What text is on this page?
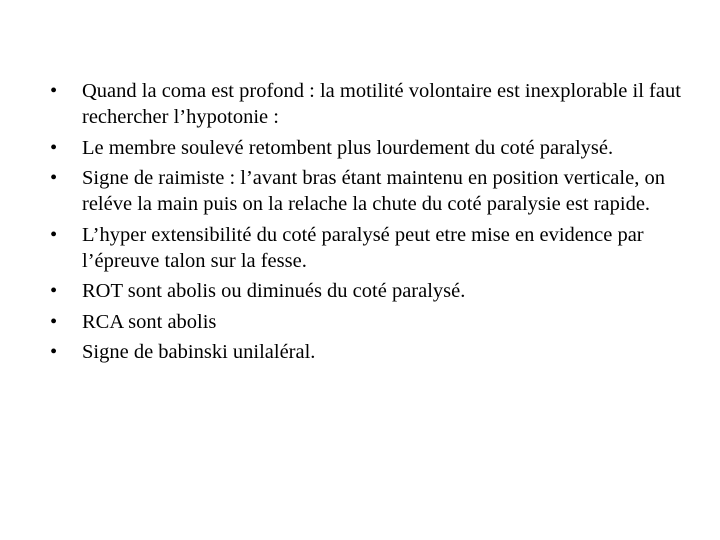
•	Quand la coma est profond : la motilité volontaire est inexplorable il faut rechercher l’hypotonie :
•	Le membre soulevé retombent plus lourdement du coté paralysé.
•	Signe de raimiste : l’avant bras étant maintenu en position verticale, on reléve la main puis on la relache la chute du coté paralysie est rapide.
•	L’hyper extensibilité du coté paralysé peut etre mise en evidence par l’épreuve talon sur la fesse.
•	ROT sont abolis ou diminués du coté paralysé.
•	RCA sont abolis
•	Signe de babinski unilaléral.
